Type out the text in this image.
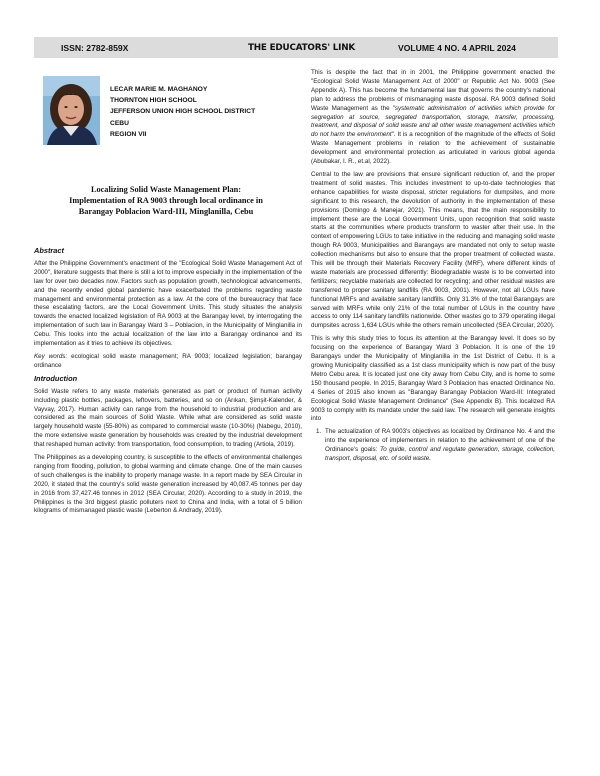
ISSN: 2782-859X	THE EDUCATORS' LINK	VOLUME 4 NO. 4 APRIL 2024
LECAR MARIE M. MAGHANOY
THORNTON HIGH SCHOOL
JEFFERSON UNION HIGH SCHOOL DISTRICT
CEBU
REGION VII
Localizing Solid Waste Management Plan:
Implementation of RA 9003 through local ordinance in
Barangay Poblacion Ward-III, Minglanilla, Cebu
Abstract

After the Philippine Government's enactment of the "Ecological Solid Waste Management Act of 2000", literature suggests that there is still a lot to improve especially in the implementation of the law for over two decades now. Factors such as population growth, technological advancements, and the recently ended global pandemic have exacerbated the problems regarding waste management and environmental protection as a law. At the core of the bureaucracy that face these escalating factors, are the Local Government Units. This study situates the analysis towards the enacted localized legislation of RA 9003 at the Barangay level, by interrogating the implementation of such law in Barangay Ward 3 – Poblacion, in the Municipality of Minglanilla in Cebu. This looks into the actual localization of the law into a Barangay ordinance and its implementation as it tries to achieve its objectives.

Key words: ecological solid waste management; RA 9003; localized legislation; barangay ordinance

Introduction

Solid Waste refers to any waste materials generated as part or product of human activity including plastic bottles, packages, leftovers, batteries, and so on (Arıkan, Şimşit-Kalender, & Vayvay, 2017). Human activity can range from the household to industrial production and are considered as the main sources of Solid Waste. While what are considered as solid waste largely household waste (55-80%) as compared to commercial waste (10-30%) (Nabegu, 2010), the more extensive waste generation by households was created by the industrial development that reshaped human activity: from transportation, food consumption, to trading (Artiola, 2019).

The Philippines as a developing country, is susceptible to the effects of environmental challenges ranging from flooding, pollution, to global warming and climate change. One of the main causes of such challenges is the inability to properly manage waste. In a report made by SEA Circular in 2020, it stated that the country's solid waste generation increased by 40,087.45 tonnes per day in 2016 from 37,427.46 tonnes in 2012 (SEA Circular, 2020). According to a study in 2019, the Philippines is the 3rd biggest plastic polluters next to China and India, with a total of 5 billion kilograms of mismanaged plastic waste (Leberton & Andrady, 2019).

This is despite the fact that in in 2001, the Philippine government enacted the "Ecological Solid Waste Management Act of 2000" or Republic Act No. 9003 (See Appendix A). This has become the fundamental law that governs the country's national plan to address the problems of mismanaging waste disposal. RA 9003 defined Solid Waste Management as the "systematic administration of activities which provide for segregation at source, segregated transportation, storage, transfer, processing, treatment, and disposal of solid waste and all other waste management activities which do not harm the environment". It is a recognition of the magnitude of the effects of Solid Waste Management problems in relation to the achievement of sustainable development and environmental protection as articulated in various global agenda (Abubakar, I. R., et.al, 2022).

Central to the law are provisions that ensure significant reduction of, and the proper treatment of solid wastes. This includes investment to up-to-date technologies that enhance capabilities for waste disposal, stricter regulations for dumpsites, and more significant to this research, the devolution of authority in the implementation of these provisions (Domingo & Manejar, 2021). This means, that the main responsibility to implement these are the Local Government Units, upon recognition that solid waste starts at the communities where products transform to waster after their use. In the context of empowering LGUs to take initiative in the reducing and managing solid waste though RA 9003, Municipalities and Barangays are mandated not only to setup waste collection mechanisms but also to ensure that the proper treatment of collected waste. This will be through their Materials Recovery Facility (MRF), where different kinds of waste materials are processed differently: Biodegradable waste is to be converted into fertilizers; recyclable materials are collected for recycling; and other residual wastes are transferred to proper sanitary landfills (RA 9003, 2001). However, not all LGUs have functional MRFs and available sanitary landfills. Only 31.3% of the total Barangays are served with MRFs while only 21% of the total number of LGUs in the country have access to only 114 sanitary landfills nationwide. Other wastes go to 379 operating illegal dumpsites across 1,634 LGUs while the others remain uncollected (SEA Circular, 2020).

This is why this study tries to focus its attention at the Barangay level. It does so by focusing on the experience of Barangay Ward 3 Poblacion. It is one of the 19 Barangays under the Municipality of Minglanilla in the 1st District of Cebu. It is a growing Municipality classified as a 1st class municipality which is now part of the busy Metro Cebu area. It is located just one city away from Cebu City, and is home to some 150 thousand people. In 2015, Barangay Ward 3 Poblacion has enacted Ordinance No. 4 Series of 2015 also known as "Barangay Barangay Poblacion Ward-III: Integrated Ecological Solid Waste Management Ordinance" (See Appendix B). This localized RA 9003 to comply with its mandate under the said law. The research will generate insights into

1. The actualization of RA 9003's objectives as localized by Ordinance No. 4 and the into the experience of implementers in relation to the achievement of one of the Ordinance's goals: To guide, control and regulate generation, storage, collection, transport, disposal, etc. of solid waste.
